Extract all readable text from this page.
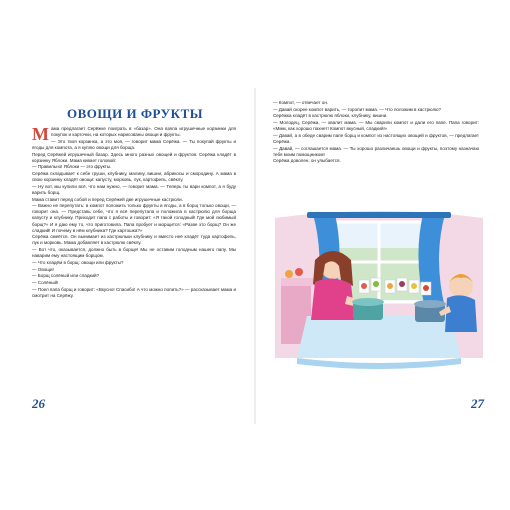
ОВОЩИ И ФРУКТЫ

Мама предлагает Серёжке поиграть в «базар». Она взяла игрушечные корзинки для покупок и карточки, на которых нарисованы овощи и фрукты.

— Это твоя корзинка, а это моя, — говорит мама Серёжа. — Ты покупай фрукты и ягоды для компота, а я куплю овощи для борща.

Перед Серёжей игрушечный базар. Здесь много разных овощей и фруктов. Серёжа кладёт в корзинку Яблоки. Мама кивает головой:

— Правильно! Яблоки — это фрукты.

Серёжа складывает к себе груши, клубнику, малину, вишни, абрикосы и смородину. А мама в свою корзинку кладёт овощи: капусту, морковь, лук, картофель, свёклу.

— Ну вот, мы купили всё, что нам нужно, — говорит мама. — Теперь ты вари компот, а я буду варить борщ.

Мама ставит перед собой и перед Серёжей две игрушечные кастрюли.

— Важно не перепутать: в компот положить только фрукты и ягоды, а в борщ только овощи, — говорит она. — Представь себе, что я всё перепутала и положила в кастрюлю для борща капусту и клубнику. Приходит папа с работы и говорит: «Я такой голодный! Где мой любимый борщ?» И я даю ему то, что приготовила. Папа пробует и морщится: «Разве это борщ? Он же сладкий! И почему в нём клубника? Где картошка?»

Серёжа смеётся. Он вынимает из кастрюльки клубнику и вместо неё кладёт туда картофель, лук и морковь. Мама добавляет в кастрюлю свёклу.

— Вот что, оказывается, должно быть в борще! Мы не оставим голодным нашего папу. Мы наварим ему настоящим борщом.

— Что кладём в борщ: овощи или фрукты?

— Овощи!

— Борщ солёный или сладкий?

— Солёный!

— Поел папа борщ и говорит: «Вкусно! Спасибо! А что можно попить?» — рассказывает мама и смотрит на Серёжу.

26

— Компот, — отвечает он.

— Давай скорее компот варить, — торопит мама. — Что положим в кастрюлю?

Серёжка кладёт в кастрюлю яблоки, клубнику, вишни.

— Молодец, Серёжа, — хвалит мама. — Мы сварили компот и дали его папе. Папа говорит: «Ммм, как хорошо пахнет! Компот вкусный, сладкий!»

— Давай, а в обеде сварим папе борщ и компот из настоящих овощей и фруктов, — предлагает Серёжа.

— Давай, — соглашается мама. — Ты хорошо различаешь овощи и фрукты, поэтому назначаю тебя моим помощником!

Серёжа доволен, он улыбается.

27
